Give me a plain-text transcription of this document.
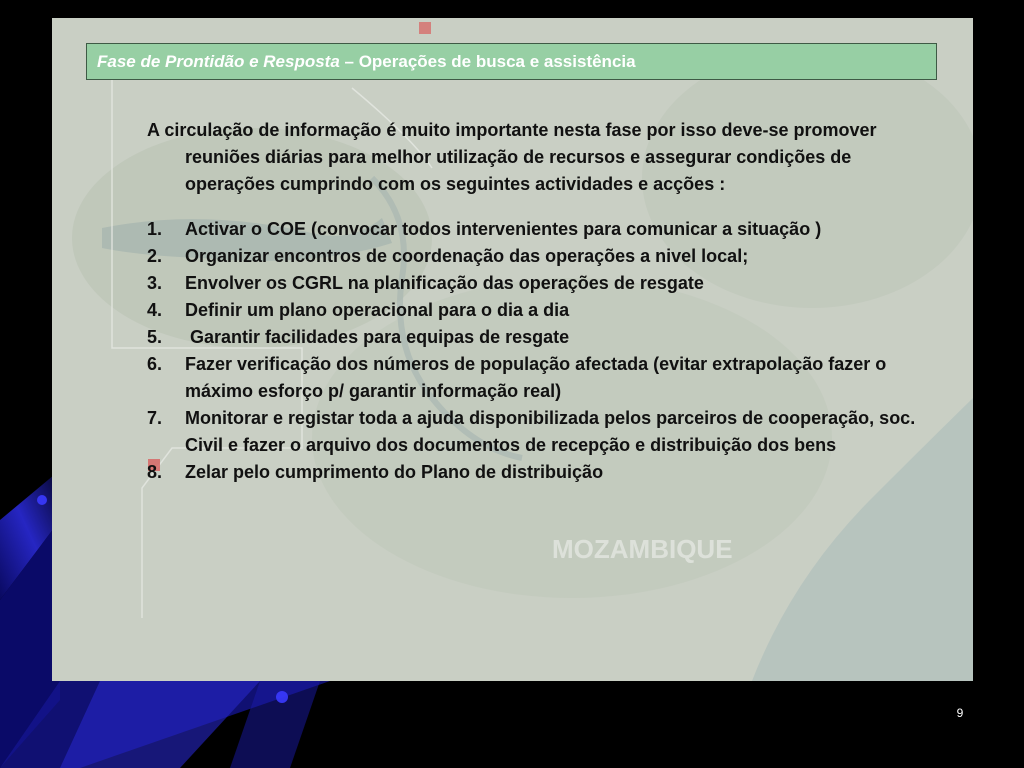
MOZAMBIQUE
Fase de Prontidão e Resposta – Operações de busca e assistência

A circulação de informação é muito importante nesta fase por isso deve-se promover reuniões diárias para melhor utilização de recursos e assegurar condições de operações cumprindo com os seguintes actividades e acções :

1. Activar o COE (convocar todos intervenientes para comunicar a situação )
2. Organizar encontros de coordenação das operações a nivel local;
3. Envolver os CGRL na planificação das operações de resgate
4. Definir um plano operacional para o dia a dia
5. Garantir facilidades para equipas de resgate
6. Fazer verificação dos números de população afectada (evitar extrapolação fazer o máximo esforço p/ garantir informação real)
7. Monitorar e registar toda a ajuda disponibilizada pelos parceiros de cooperação, soc. Civil e fazer o arquivo dos documentos de recepção e distribuição dos bens
8. Zelar pelo cumprimento do Plano de distribuição
9
